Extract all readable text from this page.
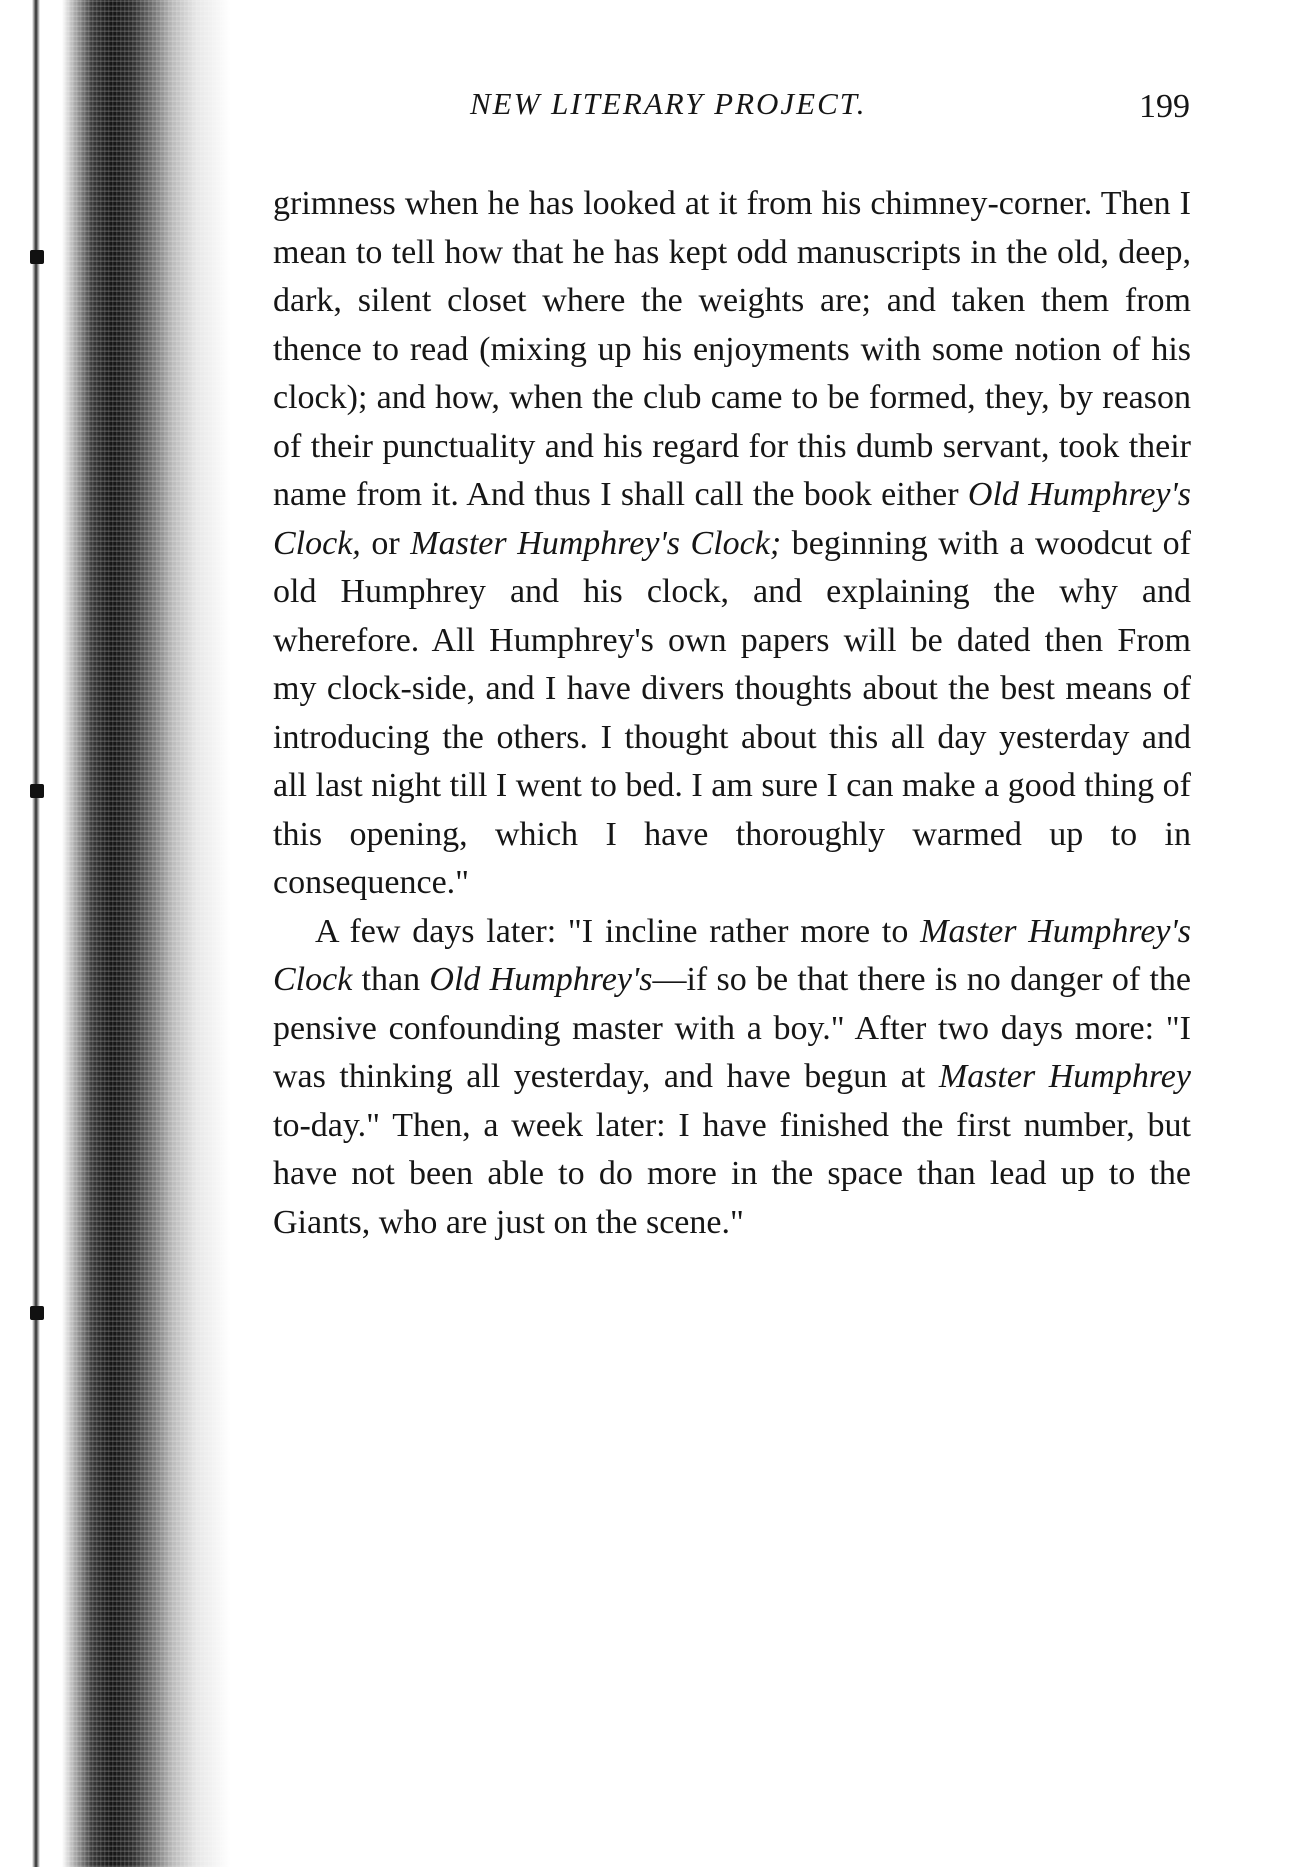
NEW LITERARY PROJECT.	199

grimness when he has looked at it from his chimney-corner. Then I mean to tell how that he has kept odd manuscripts in the old, deep, dark, silent closet where the weights are; and taken them from thence to read (mixing up his enjoyments with some notion of his clock); and how, when the club came to be formed, they, by reason of their punctuality and his regard for this dumb servant, took their name from it. And thus I shall call the book either Old Humphrey's Clock, or Master Humphrey's Clock; beginning with a woodcut of old Humphrey and his clock, and explaining the why and wherefore. All Humphrey's own papers will be dated then From my clock-side, and I have divers thoughts about the best means of introducing the others. I thought about this all day yesterday and all last night till I went to bed. I am sure I can make a good thing of this opening, which I have thoroughly warmed up to in consequence."

A few days later: "I incline rather more to Master Humphrey's Clock than Old Humphrey's—if so be that there is no danger of the pensive confounding master with a boy." After two days more: "I was thinking all yesterday, and have begun at Master Humphrey to-day." Then, a week later: I have finished the first number, but have not been able to do more in the space than lead up to the Giants, who are just on the scene."
